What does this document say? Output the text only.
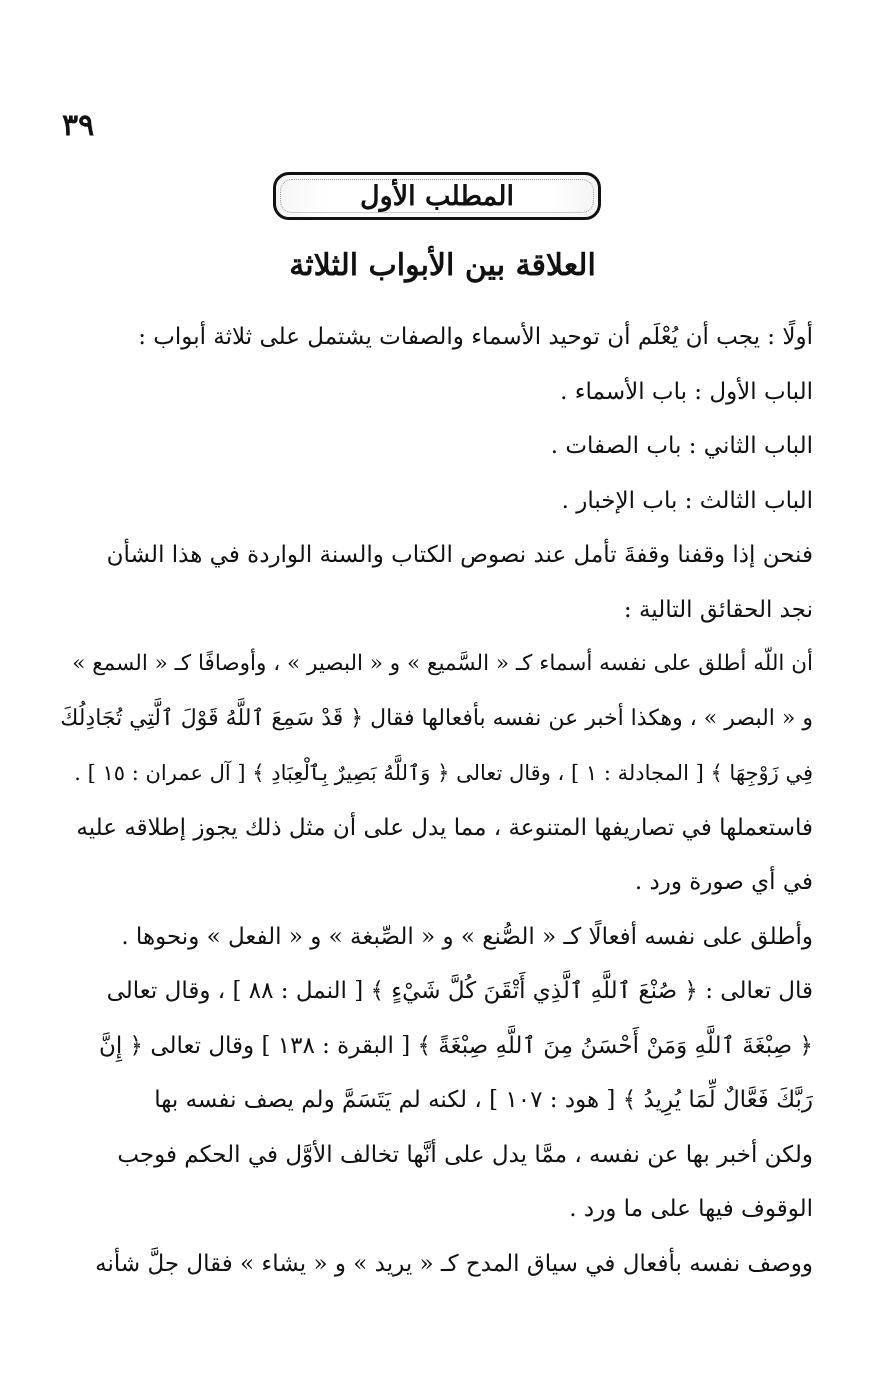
٣٩
المطلب الأول
العلاقة بين الأبواب الثلاثة
أولًا : يجب أن يُعْلَم أن توحيد الأسماء والصفات يشتمل على ثلاثة أبواب :
الباب الأول : باب الأسماء .
الباب الثاني : باب الصفات .
الباب الثالث : باب الإخبار .
فنحن إذا وقفنا وقفةَ تأمل عند نصوص الكتاب والسنة الواردة في هذا الشأن
نجد الحقائق التالية :
أن اللّه أطلق على نفسه أسماء كـ « السَّميع » و « البصير » ، وأوصافًا كـ « السمع »
و « البصر » ، وهكذا أخبر عن نفسه بأفعالها فقال ﴿ قَدْ سَمِعَ ٱللَّهُ قَوْلَ ٱلَّتِي تُجَادِلُكَ
فِي زَوْجِهَا ﴾ [ المجادلة : ١ ] ، وقال تعالى ﴿ وَٱللَّهُ بَصِيرٌ بِٱلْعِبَادِ ﴾ [ آل عمران : ١٥ ] .
فاستعملها في تصاريفها المتنوعة ، مما يدل على أن مثل ذلك يجوز إطلاقه عليه
في أي صورة ورد .
وأطلق على نفسه أفعالًا كـ « الصُّنع » و « الصِّبغة » و « الفعل » ونحوها .
قال تعالى : ﴿ صُنْعَ ٱللَّهِ ٱلَّذِي أَتْقَنَ كُلَّ شَيْءٍ ﴾ [ النمل : ٨٨ ] ، وقال تعالى
﴿ صِبْغَةَ ٱللَّهِ وَمَنْ أَحْسَنُ مِنَ ٱللَّهِ صِبْغَةً ﴾ [ البقرة : ١٣٨ ] وقال تعالى ﴿ إِنَّ
رَبَّكَ فَعَّالٌ لِّمَا يُرِيدُ ﴾ [ هود : ١٠٧ ] ، لكنه لم يَتَسَمَّ ولم يصف نفسه بها
ولكن أخبر بها عن نفسه ، ممَّا يدل على أنَّها تخالف الأوَّل في الحكم فوجب
الوقوف فيها على ما ورد .
ووصف نفسه بأفعال في سياق المدح كـ « يريد » و « يشاء » فقال جلَّ شأنه
